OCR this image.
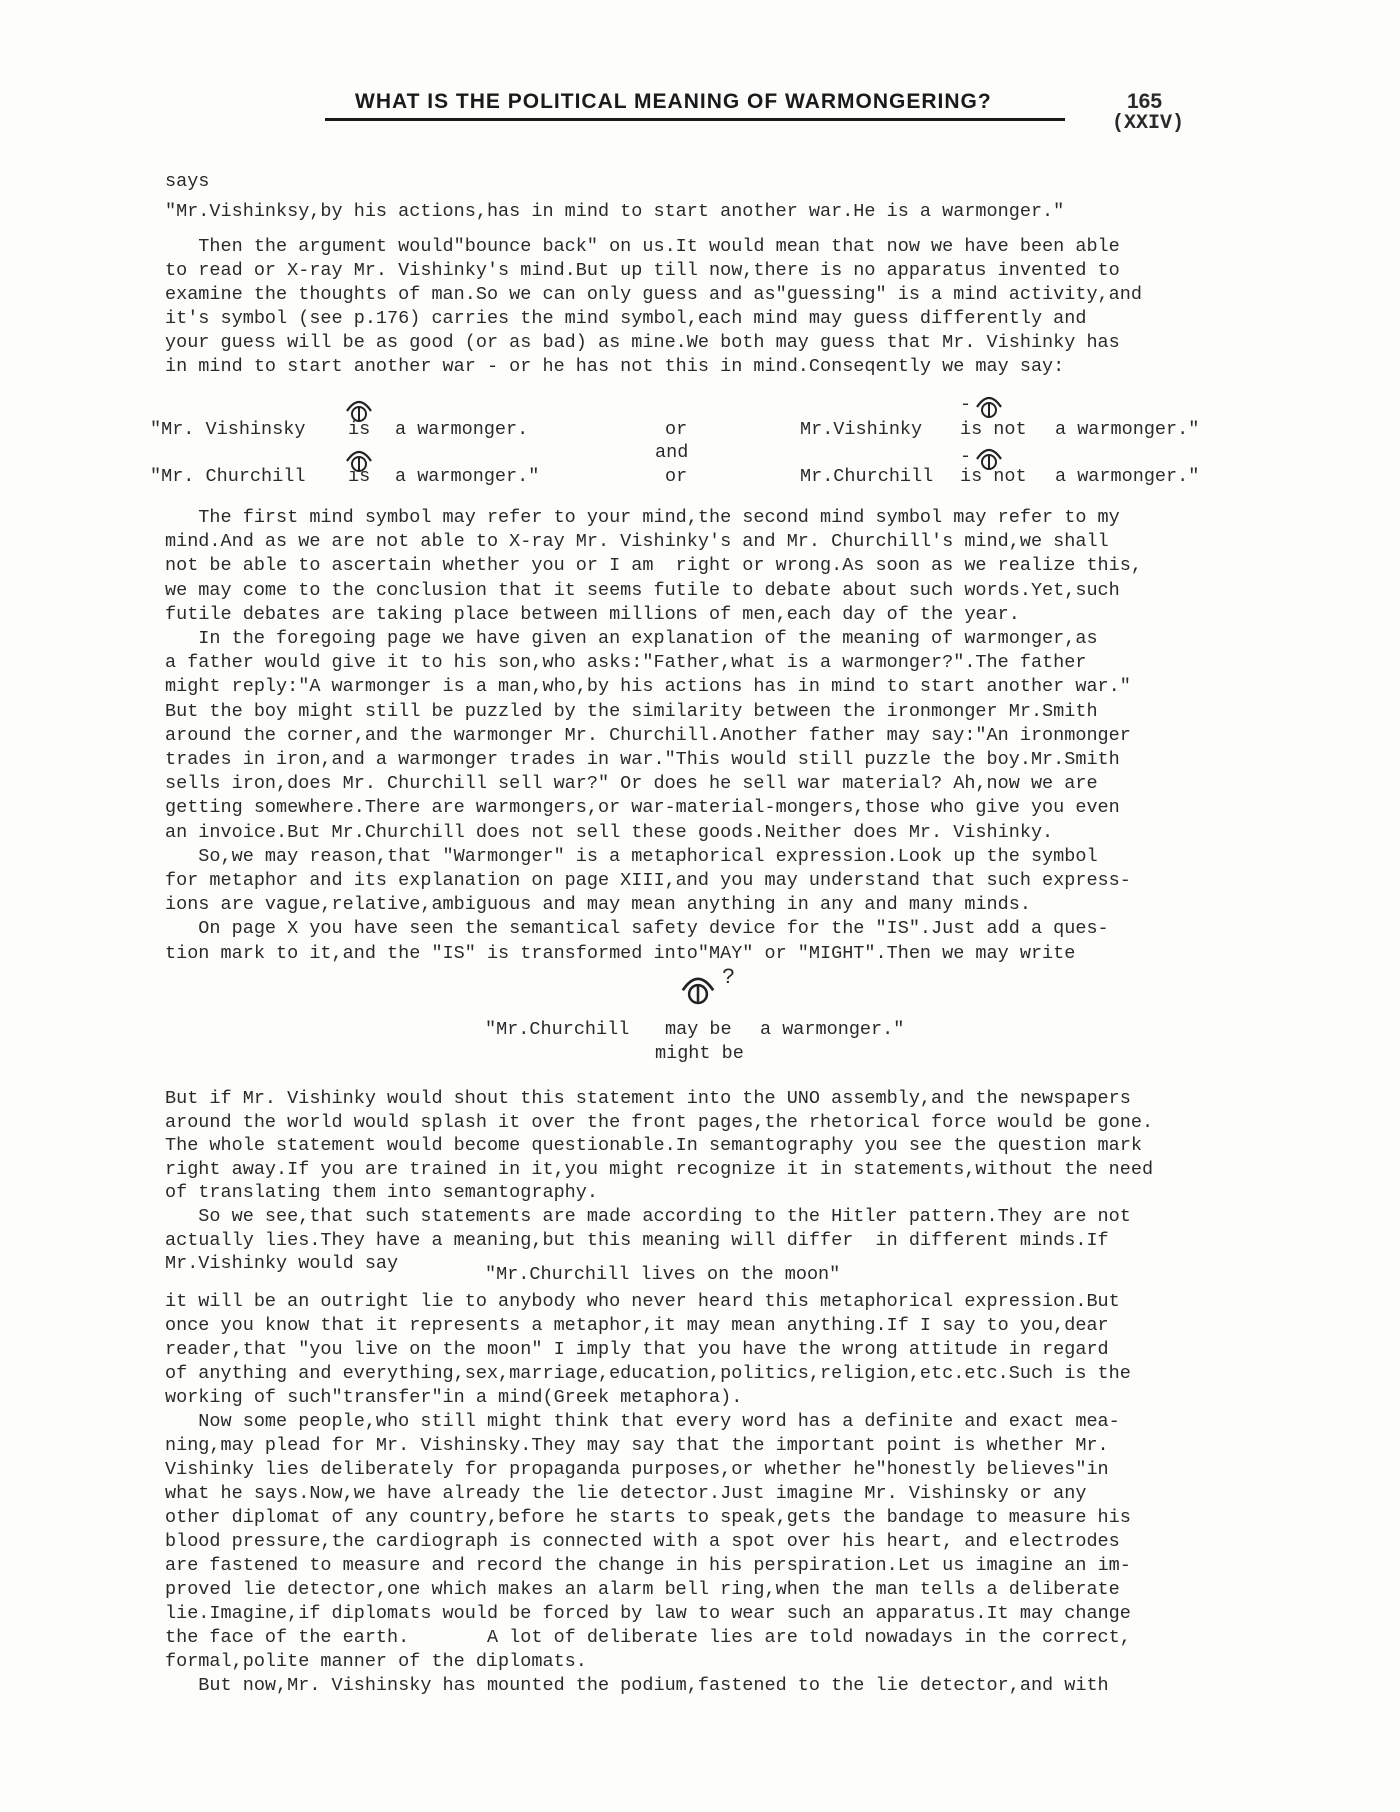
WHAT IS THE POLITICAL MEANING OF WARMONGERING?	165
(XXIV)
says
"Mr.Vishinksy,by his actions,has in mind to start another war.He is a warmonger."
Then the argument would"bounce back" on us.It would mean that now we have been able
to read or X-ray Mr. Vishinky's mind.But up till now,there is no apparatus invented to
examine the thoughts of man.So we can only guess and as"guessing" is a mind activity,and
it's symbol (see p.176) carries the mind symbol,each mind may guess differently and
your guess will be as good (or as bad) as mine.We both may guess that Mr. Vishinky has
in mind to start another war - or he has not this in mind.Conseqently we may say:
-
-
"Mr. Vishinsky is a warmonger.	or	Mr.Vishinky is not a warmonger."
and
"Mr. Churchill is a warmonger."	or	Mr.Churchill is not a warmonger."
The first mind symbol may refer to your mind,the second mind symbol may refer to my
mind.And as we are not able to X-ray Mr. Vishinky's and Mr. Churchill's mind,we shall
not be able to ascertain whether you or I am  right or wrong.As soon as we realize this,
we may come to the conclusion that it seems futile to debate about such words.Yet,such
futile debates are taking place between millions of men,each day of the year.
In the foregoing page we have given an explanation of the meaning of warmonger,as
a father would give it to his son,who asks:"Father,what is a warmonger?".The father
might reply:"A warmonger is a man,who,by his actions has in mind to start another war."
But the boy might still be puzzled by the similarity between the ironmonger Mr.Smith
around the corner,and the warmonger Mr. Churchill.Another father may say:"An ironmonger
trades in iron,and a warmonger trades in war."This would still puzzle the boy.Mr.Smith
sells iron,does Mr. Churchill sell war?" Or does he sell war material? Ah,now we are
getting somewhere.There are warmongers,or war-material-mongers,those who give you even
an invoice.But Mr.Churchill does not sell these goods.Neither does Mr. Vishinky.
So,we may reason,that "Warmonger" is a metaphorical expression.Look up the symbol
for metaphor and its explanation on page XIII,and you may understand that such express-
ions are vague,relative,ambiguous and may mean anything in any and many minds.
On page X you have seen the semantical safety device for the "IS".Just add a ques-
tion mark to it,and the "IS" is transformed into"MAY" or "MIGHT".Then we may write
?
"Mr.Churchill may be a warmonger."
might be
But if Mr. Vishinky would shout this statement into the UNO assembly,and the newspapers
around the world would splash it over the front pages,the rhetorical force would be gone.
The whole statement would become questionable.In semantography you see the question mark
right away.If you are trained in it,you might recognize it in statements,without the need
of translating them into semantography.
So we see,that such statements are made according to the Hitler pattern.They are not
actually lies.They have a meaning,but this meaning will differ  in different minds.If
Mr.Vishinky would say
"Mr.Churchill lives on the moon"
it will be an outright lie to anybody who never heard this metaphorical expression.But
once you know that it represents a metaphor,it may mean anything.If I say to you,dear
reader,that "you live on the moon" I imply that you have the wrong attitude in regard
of anything and everything,sex,marriage,education,politics,religion,etc.etc.Such is the
working of such"transfer"in a mind(Greek metaphora).
Now some people,who still might think that every word has a definite and exact mea-
ning,may plead for Mr. Vishinsky.They may say that the important point is whether Mr.
Vishinky lies deliberately for propaganda purposes,or whether he"honestly believes"in
what he says.Now,we have already the lie detector.Just imagine Mr. Vishinsky or any
other diplomat of any country,before he starts to speak,gets the bandage to measure his
blood pressure,the cardiograph is connected with a spot over his heart, and electrodes
are fastened to measure and record the change in his perspiration.Let us imagine an im-
proved lie detector,one which makes an alarm bell ring,when the man tells a deliberate
lie.Imagine,if diplomats would be forced by law to wear such an apparatus.It may change
the face of the earth.       A lot of deliberate lies are told nowadays in the correct,
formal,polite manner of the diplomats.
But now,Mr. Vishinsky has mounted the podium,fastened to the lie detector,and with
